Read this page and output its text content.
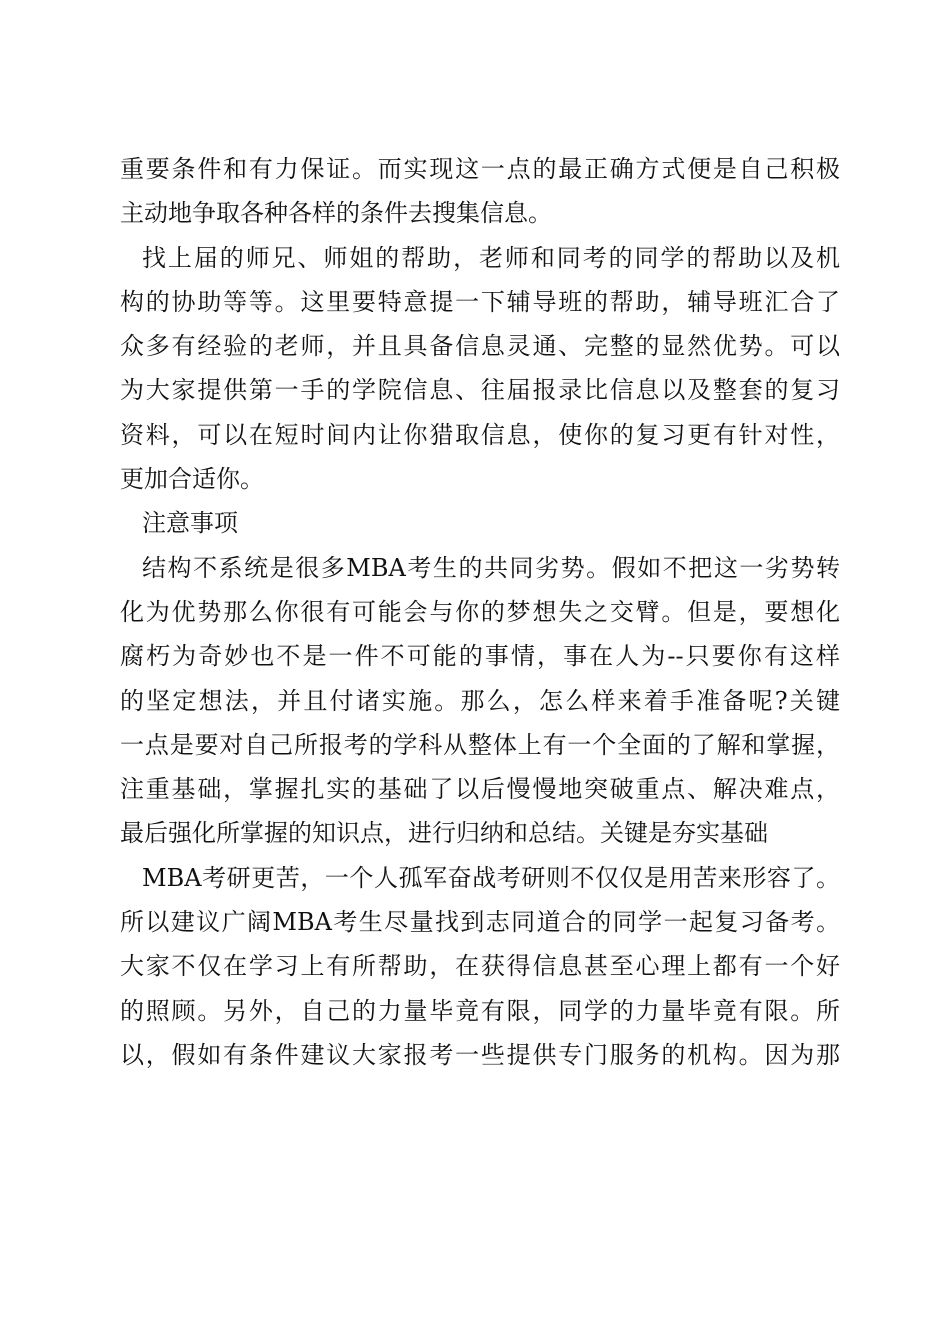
重要条件和有力保证。而实现这一点的最正确方式便是自己积极
主动地争取各种各样的条件去搜集信息。
找上届的师兄、师姐的帮助，老师和同考的同学的帮助以及机
构的协助等等。这里要特意提一下辅导班的帮助，辅导班汇合了
众多有经验的老师，并且具备信息灵通、完整的显然优势。可以
为大家提供第一手的学院信息、往届报录比信息以及整套的复习
资料，可以在短时间内让你猎取信息，使你的复习更有针对性，
更加合适你。
注意事项
结构不系统是很多MBA考生的共同劣势。假如不把这一劣势转
化为优势那么你很有可能会与你的梦想失之交臂。但是，要想化
腐朽为奇妙也不是一件不可能的事情，事在人为--只要你有这样
的坚定想法，并且付诸实施。那么，怎么样来着手准备呢?关键
一点是要对自己所报考的学科从整体上有一个全面的了解和掌握，
注重基础，掌握扎实的基础了以后慢慢地突破重点、解决难点，
最后强化所掌握的知识点，进行归纳和总结。关键是夯实基础
MBA考研更苦，一个人孤军奋战考研则不仅仅是用苦来形容了。
所以建议广阔MBA考生尽量找到志同道合的同学一起复习备考。
大家不仅在学习上有所帮助，在获得信息甚至心理上都有一个好
的照顾。另外，自己的力量毕竟有限，同学的力量毕竟有限。所
以，假如有条件建议大家报考一些提供专门服务的机构。因为那
